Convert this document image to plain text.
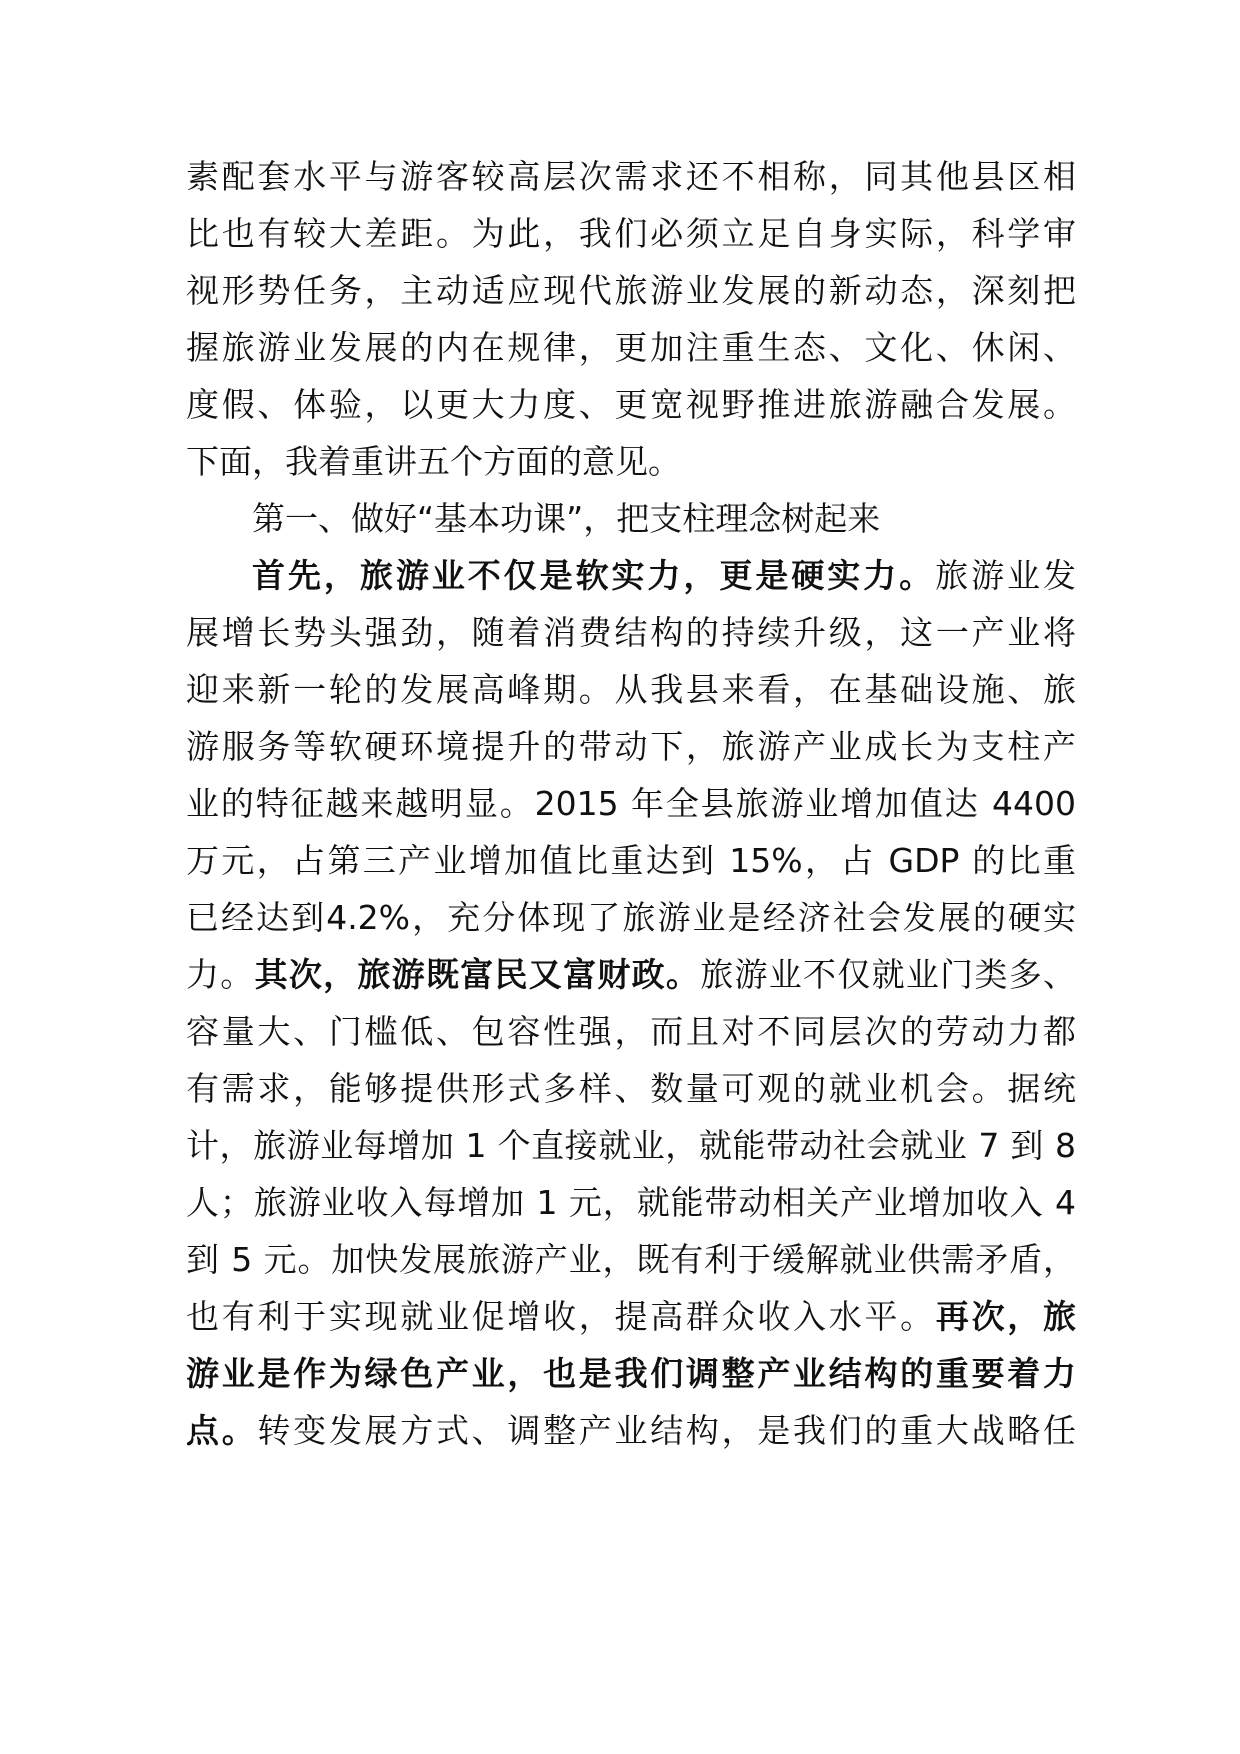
素配套水平与游客较高层次需求还不相称，同其他县区相
比也有较大差距。为此，我们必须立足自身实际，科学审
视形势任务，主动适应现代旅游业发展的新动态，深刻把
握旅游业发展的内在规律，更加注重生态、文化、休闲、
度假、体验，以更大力度、更宽视野推进旅游融合发展。
下面，我着重讲五个方面的意见。
第一、做好“基本功课”，把支柱理念树起来
首先，旅游业不仅是软实力，更是硬实力。旅游业发
展增长势头强劲，随着消费结构的持续升级，这一产业将
迎来新一轮的发展高峰期。从我县来看，在基础设施、旅
游服务等软硬环境提升的带动下，旅游产业成长为支柱产
业的特征越来越明显。2015 年全县旅游业增加值达 4400
万元，占第三产业增加值比重达到 15%，占 GDP 的比重
已经达到4.2%，充分体现了旅游业是经济社会发展的硬实
力。其次，旅游既富民又富财政。旅游业不仅就业门类多、
容量大、门槛低、包容性强，而且对不同层次的劳动力都
有需求，能够提供形式多样、数量可观的就业机会。据统
计，旅游业每增加 1 个直接就业，就能带动社会就业 7 到 8
人；旅游业收入每增加 1 元，就能带动相关产业增加收入 4
到 5 元。加快发展旅游产业，既有利于缓解就业供需矛盾，
也有利于实现就业促增收，提高群众收入水平。再次，旅
游业是作为绿色产业，也是我们调整产业结构的重要着力
点。转变发展方式、调整产业结构，是我们的重大战略任
